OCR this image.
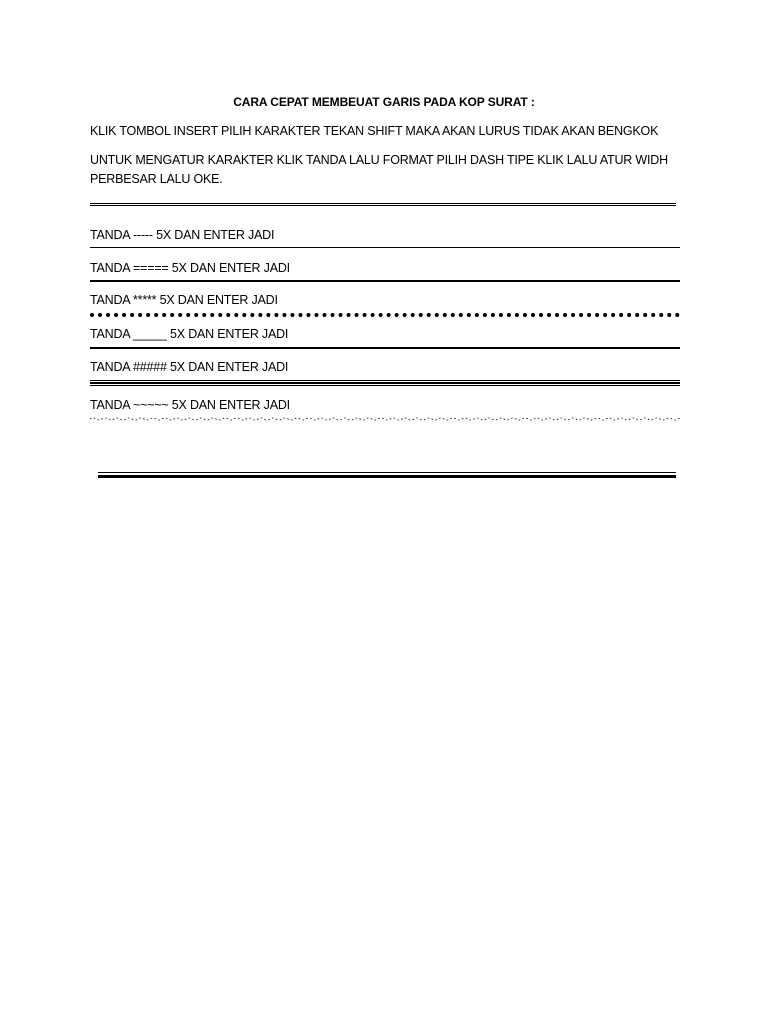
CARA CEPAT MEMBEUAT GARIS PADA KOP SURAT :
KLIK TOMBOL INSERT PILIH KARAKTER TEKAN SHIFT MAKA AKAN LURUS TIDAK AKAN BENGKOK
UNTUK MENGATUR KARAKTER KLIK TANDA LALU FORMAT PILIH DASH TIPE KLIK LALU ATUR WIDH PERBESAR LALU OKE.
TANDA ----- 5X DAN ENTER JADI
TANDA ===== 5X DAN ENTER JADI
TANDA ***** 5X DAN ENTER JADI
TANDA _____ 5X DAN ENTER JADI
TANDA ##### 5X DAN ENTER JADI
TANDA ~~~~~ 5X DAN ENTER JADI
